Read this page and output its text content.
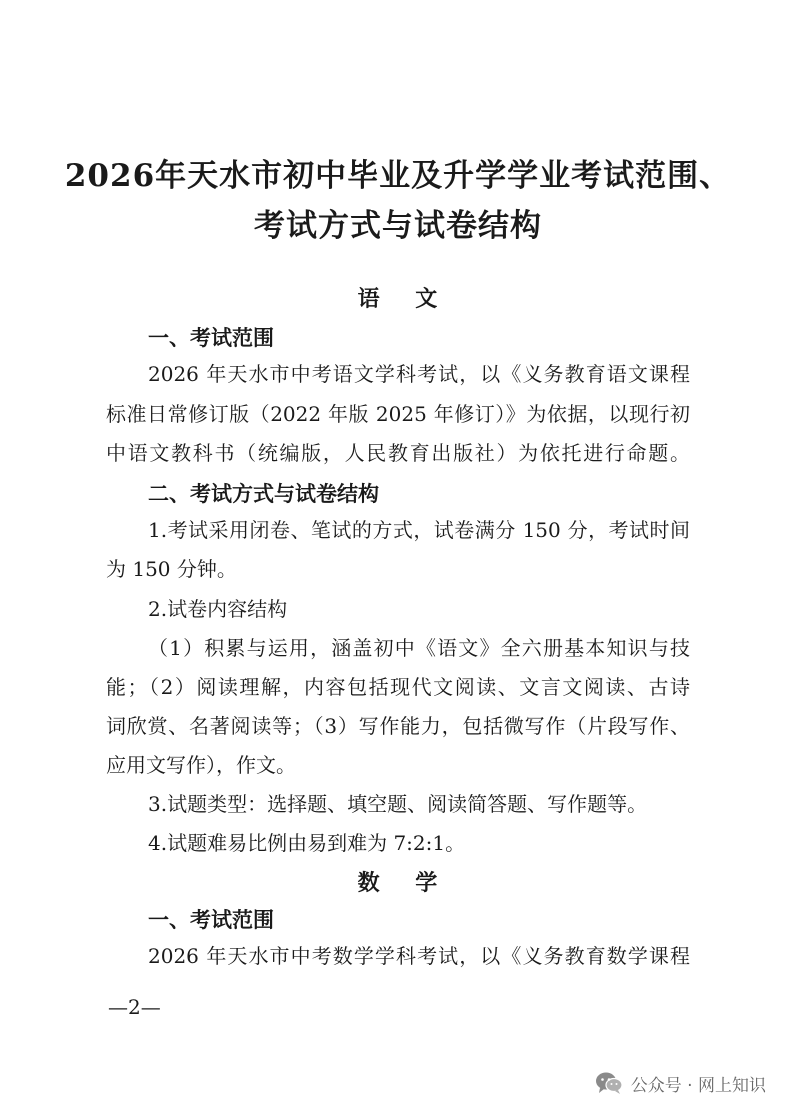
2026年天水市初中毕业及升学学业考试范围、
考试方式与试卷结构
语    文
一、考试范围
2026 年天水市中考语文学科考试，以《义务教育语文课程
标准日常修订版（2022 年版 2025 年修订）》为依据，以现行初
中语文教科书（统编版，人民教育出版社）为依托进行命题。
二、考试方式与试卷结构
1.考试采用闭卷、笔试的方式，试卷满分 150 分，考试时间
为 150 分钟。
2.试卷内容结构
（1）积累与运用，涵盖初中《语文》全六册基本知识与技
能；（2）阅读理解，内容包括现代文阅读、文言文阅读、古诗
词欣赏、名著阅读等；（3）写作能力，包括微写作（片段写作、
应用文写作），作文。
3.试题类型：选择题、填空题、阅读简答题、写作题等。
4.试题难易比例由易到难为 7:2:1。
数    学
一、考试范围
2026 年天水市中考数学学科考试，以《义务教育数学课程
—2—
公众号 · 网上知识
